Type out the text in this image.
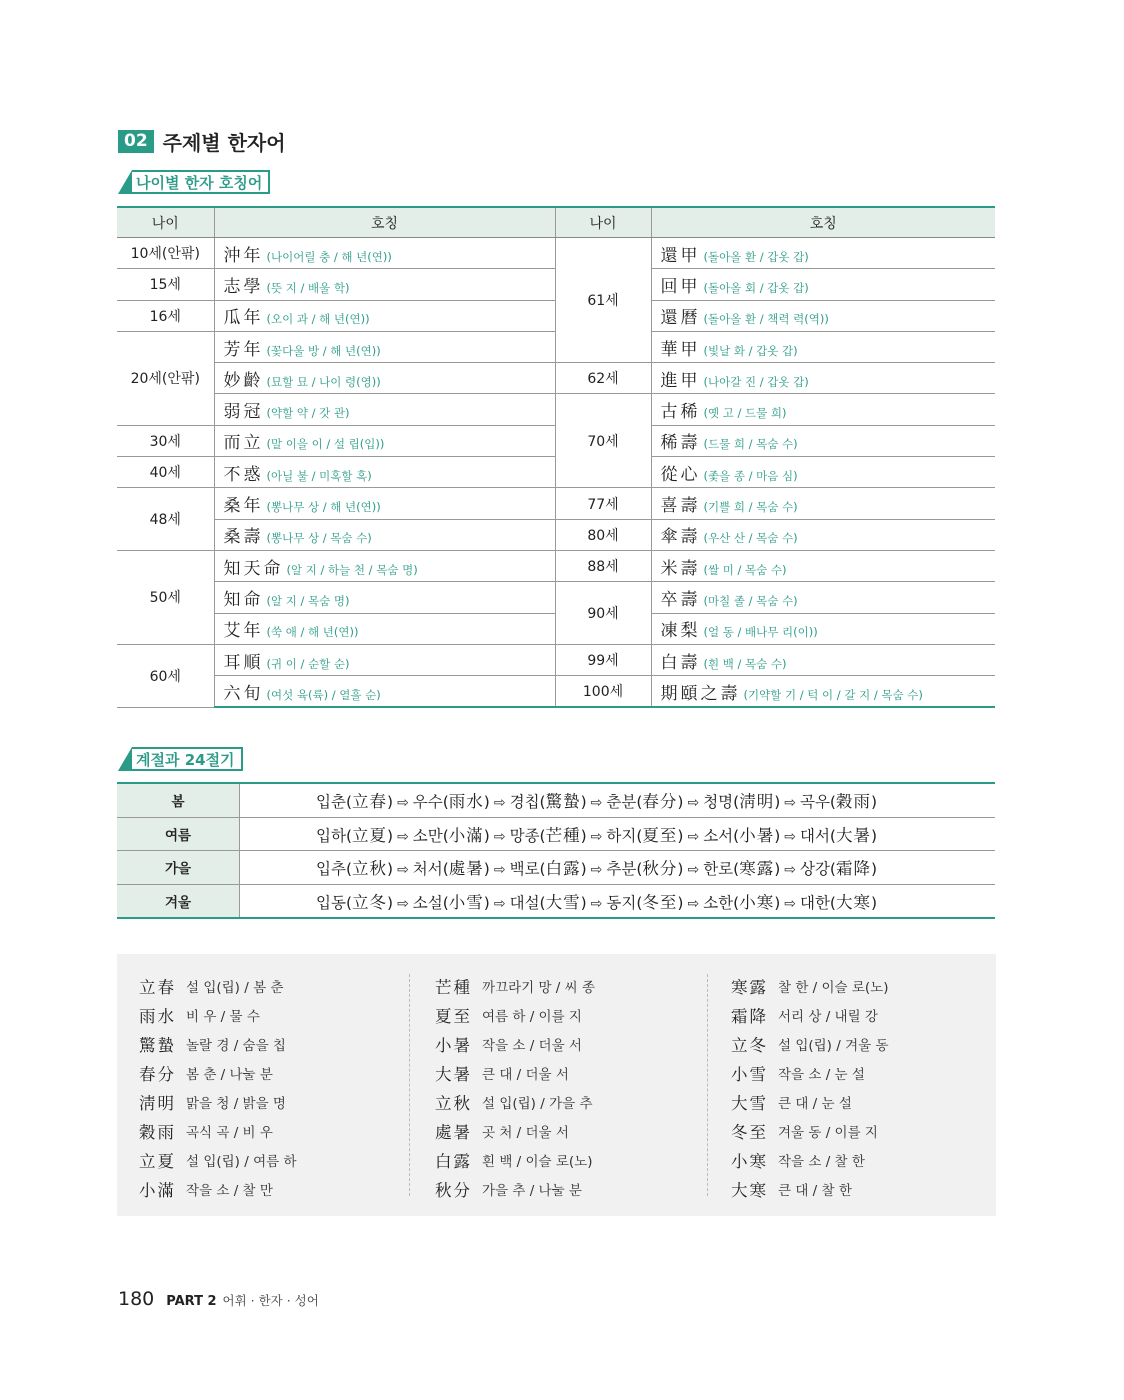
02 주제별 한자어
나이별 한자 호칭어
나이	호칭	나이	호칭
10세(안팎)	沖年 (나이어릴 충 / 해 년(연))	61세	還甲 (돌아올 환 / 갑옷 갑)
15세	志學 (뜻 지 / 배울 학)		回甲 (돌아올 회 / 갑옷 갑)
16세	瓜年 (오이 과 / 해 년(연))		還曆 (돌아올 환 / 책력 력(역))
20세(안팎)	芳年 (꽃다울 방 / 해 년(연))		華甲 (빛날 화 / 갑옷 갑)
	妙齡 (묘할 묘 / 나이 령(영))	62세	進甲 (나아갈 진 / 갑옷 갑)
	弱冠 (약할 약 / 갓 관)	70세	古稀 (옛 고 / 드물 희)
30세	而立 (말 이을 이 / 설 립(입))		稀壽 (드물 희 / 목숨 수)
40세	不惑 (아닐 불 / 미혹할 혹)		從心 (좇을 종 / 마음 심)
48세	桑年 (뽕나무 상 / 해 년(연))	77세	喜壽 (기쁠 희 / 목숨 수)
	桑壽 (뽕나무 상 / 목숨 수)	80세	傘壽 (우산 산 / 목숨 수)
50세	知天命 (알 지 / 하늘 천 / 목숨 명)	88세	米壽 (쌀 미 / 목숨 수)
	知命 (알 지 / 목숨 명)	90세	卒壽 (마칠 졸 / 목숨 수)
	艾年 (쑥 애 / 해 년(연))		凍梨 (얼 동 / 배나무 리(이))
60세	耳順 (귀 이 / 순할 순)	99세	白壽 (흰 백 / 목숨 수)
	六旬 (여섯 육(륙) / 열흘 순)	100세	期頤之壽 (기약할 기 / 턱 이 / 갈 지 / 목숨 수)
계절과 24절기
봄	입춘(立春) ⇨ 우수(雨水) ⇨ 경칩(驚蟄) ⇨ 춘분(春分) ⇨ 청명(淸明) ⇨ 곡우(穀雨)
여름	입하(立夏) ⇨ 소만(小滿) ⇨ 망종(芒種) ⇨ 하지(夏至) ⇨ 소서(小暑) ⇨ 대서(大暑)
가을	입추(立秋) ⇨ 처서(處暑) ⇨ 백로(白露) ⇨ 추분(秋分) ⇨ 한로(寒露) ⇨ 상강(霜降)
겨울	입동(立冬) ⇨ 소설(小雪) ⇨ 대설(大雪) ⇨ 동지(冬至) ⇨ 소한(小寒) ⇨ 대한(大寒)
立春 설 입(립) / 봄 춘
雨水 비 우 / 물 수
驚蟄 놀랄 경 / 숨을 칩
春分 봄 춘 / 나눌 분
淸明 맑을 청 / 밝을 명
穀雨 곡식 곡 / 비 우
立夏 설 입(립) / 여름 하
小滿 작을 소 / 찰 만
芒種 까끄라기 망 / 씨 종
夏至 여름 하 / 이를 지
小暑 작을 소 / 더울 서
大暑 큰 대 / 더울 서
立秋 설 입(립) / 가을 추
處暑 곳 처 / 더울 서
白露 흰 백 / 이슬 로(노)
秋分 가을 추 / 나눌 분
寒露 찰 한 / 이슬 로(노)
霜降 서리 상 / 내릴 강
立冬 설 입(립) / 겨울 동
小雪 작을 소 / 눈 설
大雪 큰 대 / 눈 설
冬至 겨울 동 / 이를 지
小寒 작을 소 / 찰 한
大寒 큰 대 / 찰 한
180 PART 2 어휘 · 한자 · 성어
